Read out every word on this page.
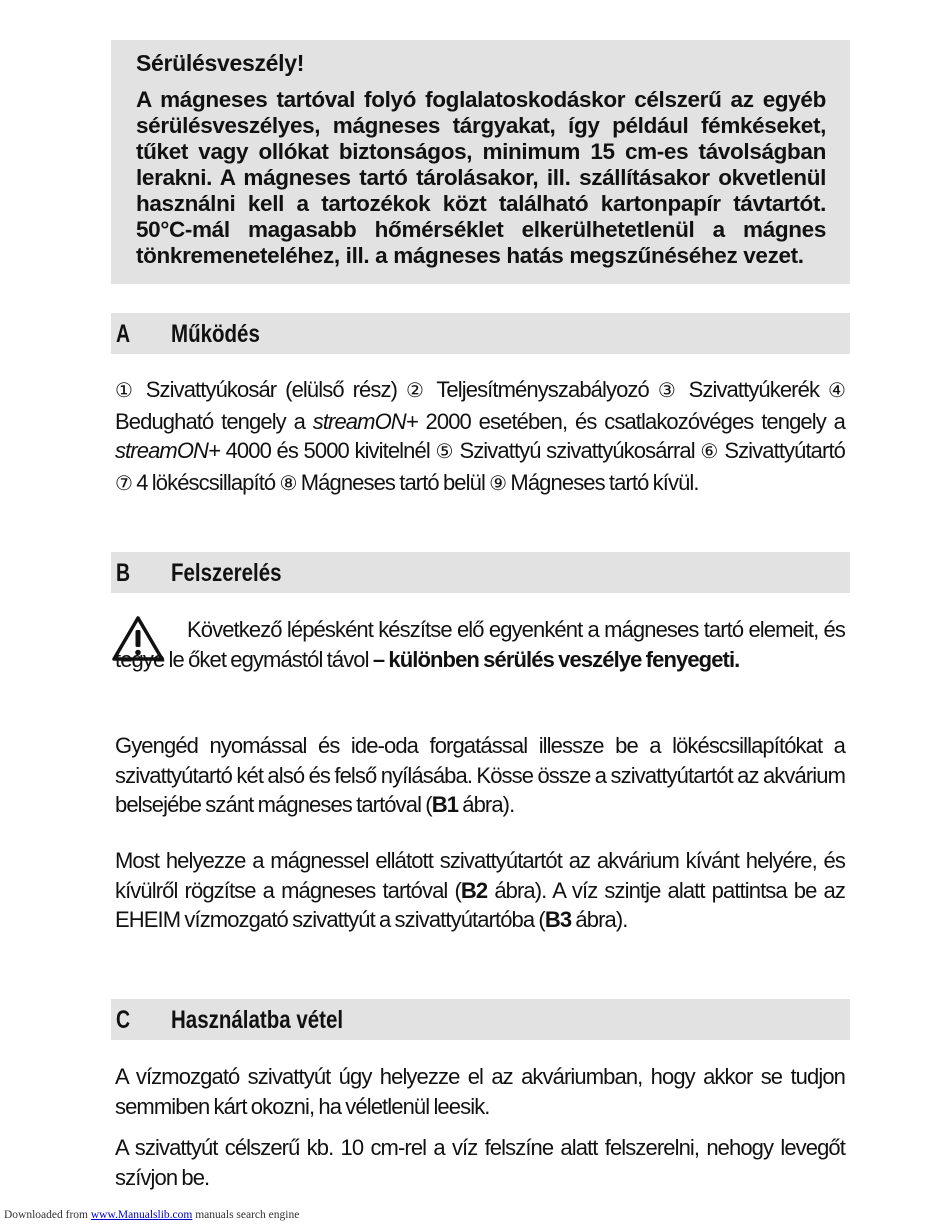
Sérülésveszély!

A mágneses tartóval folyó foglalatoskodáskor célszerű az egyéb sérülésveszélyes, mágneses tárgyakat, így például fémkéseket, tűket vagy ollókat biztonságos, minimum 15 cm-es távolságban lerakni. A mágneses tartó tárolásakor, ill. szállításakor okvetlenül használni kell a tartozékok közt található kartonpapír távtartót. 50°C-mál magasabb hőmérséklet elkerülhetetlenül a mágnes tönkremeneteléhez, ill. a mágneses hatás megszűnéséhez vezet.

A Működés

① Szivattyúkosár (elülső rész) ② Teljesítményszabályozó ③ Szivattyúkerék ④ Bedugható tengely a streamON+ 2000 esetében, és csatlakozóvéges tengely a streamON+ 4000 és 5000 kivitelnél ⑤ Szivattyú szivattyúkosárral ⑥ Szivattyútartó ⑦ 4 lökéscsillapító ⑧ Mágneses tartó belül ⑨ Mágneses tartó kívül.

B Felszerelés

Következő lépésként készítse elő egyenként a mágneses tartó elemeit, és tegye le őket egymástól távol – különben sérülés veszélye fenyegeti.

Gyengéd nyomással és ide-oda forgatással illessze be a lökéscsillapítókat a szivattyútartó két alsó és felső nyílásába. Kösse össze a szivattyútartót az akvárium belsejébe szánt mágneses tartóval (B1 ábra).

Most helyezze a mágnessel ellátott szivattyútartót az akvárium kívánt helyére, és kívülről rögzítse a mágneses tartóval (B2 ábra). A víz szintje alatt pattintsa be az EHEIM vízmozgató szivattyút a szivattyútartóba (B3 ábra).

C Használatba vétel

A vízmozgató szivattyút úgy helyezze el az akváriumban, hogy akkor se tudjon semmiben kárt okozni, ha véletlenül leesik.

A szivattyút célszerű kb. 10 cm-rel a víz felszíne alatt felszerelni, nehogy levegőt szívjon be.

Downloaded from www.Manualslib.com manuals search engine
